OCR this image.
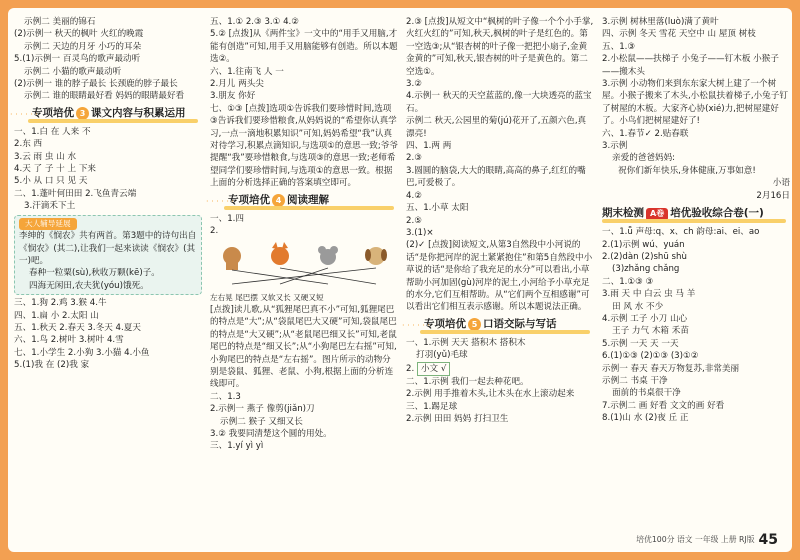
示例二 美丽的锦石
(2)示例一 秋天的枫叶 火红的晚霞
示例二 天边的月牙 小巧的耳朵
5.(1)示例一 百灵鸟的歌声最动听
示例二 小猫的歌声最动听
(2)示例一 谁的脖子最长 长颈鹿的脖子最长
示例二 谁的眼睛最好看 妈妈的眼睛最好看
· · · 专项培优 3 课文内容与积累运用
一、1.白 在 人来 不
2.东 西
3.云 雨 虫 山 水
4.天 了 子 十 上 下来
5.小 从 口 只 见 天
二、1.蓬叶何田田 2.飞鱼青云端
3.汗滴禾下土
大人辅导延展
李绅的《悯农》共有两首。第3题中的诗句出自《悯农》(其二),让我们一起来读读《悯农》(其一)吧。
春种一粒粟(sù),秋收万颗(kē)子。
四海无闲田,农夫犹(yóu)饿死。
三、1.狗 2.鸡 3.猴 4.牛
四、1.扁 小 2.太阳 山
五、1.秋天 2.春天 3.冬天 4.夏天
六、1.鸟 2.树叶 3.树叶 4.雪
七、1.小学生 2.小狗 3.小猫 4.小鱼
5.(1)我 在 (2)我 家
五、1.① 2.③ 3.① 4.②
5.② [点拨]从《两件宝》一文中的“用手又用脑,才能有创造”可知,用手又用脑能够有创造。所以本题选②。
六、1.往南飞 人 一
2.月儿 两头尖
3.朋友 你好
七、①③ [点拨]选项①告诉我们要珍惜时间,选项③告诉我们要珍惜粮食,从妈妈说的“希望你认真学习,一点一滴地积累知识”可知,妈妈希望“我”认真对待学习,积累点滴知识,与选项①的意思一致;爷爷提醒“我”要珍惜粮食,与选项③的意思一致;老师希望同学们要珍惜时间,与选项①的意思一致。根据上面的分析选择正确的答案填空即可。
· · · 专项培优 4 阅读理解
一、1.四
2.
左右晃 尾巴摆 又软又长 又硬又短
[点拨]读儿歌,从“狐狸尾巴真不小”可知,狐狸尾巴的特点是“大”;从“袋鼠尾巴大又硬”可知,袋鼠尾巴的特点是“大又硬”;从“老鼠尾巴细又长”可知,老鼠尾巴的特点是“细又长”;从“小狗尾巴左右摇”可知,小狗尾巴的特点是“左右摇”。图片所示的动物分别是袋鼠、狐狸、老鼠、小狗,根据上面的分析连线即可。
二、1.3
2.示例一 燕子 像剪(jiǎn)刀
示例二 猴子 又细又长
3.② 我要同清楚这个圆的用处。
三、1.yí yì yì
2.③ [点拨]从短文中“枫树的叶子像一个个小手掌,火红火红的”可知,秋天,枫树的叶子是红色的。第一空选③;从“银杏树的叶子像一把把小扇子,金黄金黄的”可知,秋天,银杏树的叶子是黄色的。第二空选①。
3.②
4.示例一 秋天的天空蓝蓝的,像一大块透亮的蓝宝石。
示例二 秋天,公园里的菊(jú)花开了,五颜六色,真漂亮!
四、1.两 两
2.③
3.圆圆的脑袋,大大的眼睛,高高的鼻子,红红的嘴巴,可爱极了。
4.②
五、1.小草 太阳
2.⑤
3.(1)×
(2)✓ [点拨]阅读短文,从第3自然段中小河说的话“是你把河岸的泥土紧紧抱住”和第5自然段中小草说的话“是你给了我充足的水分”可以看出,小草帮助小河加固(gù)河岸的泥土,小河给予小草充足的水分,它们互相帮助。从“它们两个互相感谢”可以看出它们相互表示感谢。所以本题说法正确。
· · · 专项培优 5 口语交际与写话
一、1.示例 天天 搭积木 搭积木
打羽(yǔ)毛球
2. 小文 √
二、1.示例 我们一起去种花吧。
2.示例 用手推着木头,让木头在水上滚动起来
三、1.踢足球
2.示例 田田 妈妈 打扫卫生
3.示例 树林里落(luò)满了黄叶
四、示例 冬天 雪花 天空中 山 屋顶 树枝
五、1.③
2.小松鼠——扶梯子 小兔子——钉木板 小猴子——搬木头
3.示例 小动物们来到东东家大树上建了一个树屋。小猴子搬来了木头,小松鼠扶着梯子,小兔子钉了树屋的木板。大家齐心协(xié)力,把树屋建好了。小鸟们把树屋建好了!
六、1.春节✓ 2.贴春联
3.示例
亲爱的爸爸妈妈:
祝你们新年快乐,身体健康,万事如意!
小语
2月16日
期末检测 A卷 培优验收综合卷(一)
一、1.ǖ 声母:q、x、ch 韵母:ai、ei、ao
2.(1)示例 wú、yuán
2.(2)dàn (2)shū shù
(3)zhǎng chǎng
二、1.①③ ③
3.雨 天 中 白云 虫 马 羊
田 风 水 不少
4.示例 工子 小刀 山心
王子 力气 木箱 禾苗
5.示例 一天 天 一天
6.(1)①③ (2)①③ (3)①②
示例一 春天 春天万物复苏,非常美丽
示例二 书桌 干净
面前的书桌很干净
7.示例二 画 好看 文文的画 好看
8.(1)山 水 (2)夜 丘 正
培优100分 语文 一年级 上册 RJ版 45
